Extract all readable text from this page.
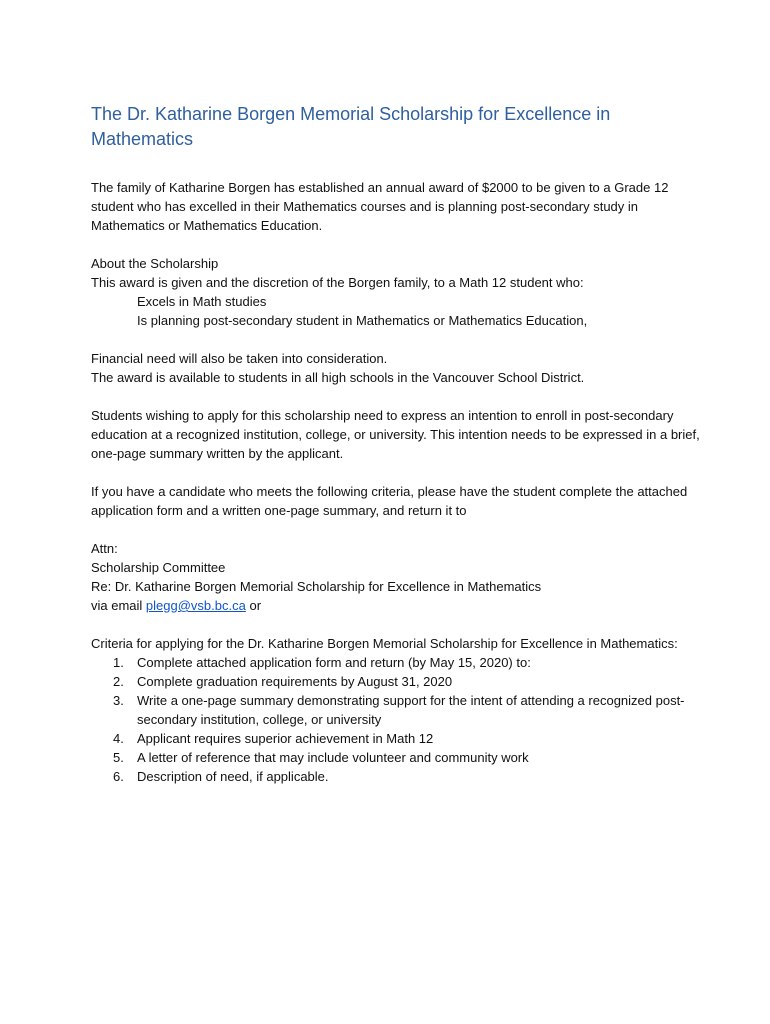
The Dr. Katharine Borgen Memorial Scholarship for Excellence in Mathematics

The family of Katharine Borgen has established an annual award of $2000 to be given to a Grade 12 student who has excelled in their Mathematics courses and is planning post-secondary study in Mathematics or Mathematics Education.

About the Scholarship

This award is given and the discretion of the Borgen family, to a Math 12 student who:

Excels in Math studies

Is planning post-secondary student in Mathematics or Mathematics Education,

Financial need will also be taken into consideration.

The award is available to students in all high schools in the Vancouver School District.

Students wishing to apply for this scholarship need to express an intention to enroll in post-secondary education at a recognized institution, college, or university. This intention needs to be expressed in a brief, one-page summary written by the applicant.

If you have a candidate who meets the following criteria, please have the student complete the attached application form and a written one-page summary, and return it to

Attn:

Scholarship Committee

Re: Dr. Katharine Borgen Memorial Scholarship for Excellence in Mathematics

via email plegg@vsb.bc.ca or

Criteria for applying for the Dr. Katharine Borgen Memorial Scholarship for Excellence in Mathematics:

1. Complete attached application form and return (by May 15, 2020) to:
2. Complete graduation requirements by August 31, 2020
3. Write a one-page summary demonstrating support for the intent of attending a recognized post-secondary institution, college, or university
4. Applicant requires superior achievement in Math 12
5. A letter of reference that may include volunteer and community work
6. Description of need, if applicable.
